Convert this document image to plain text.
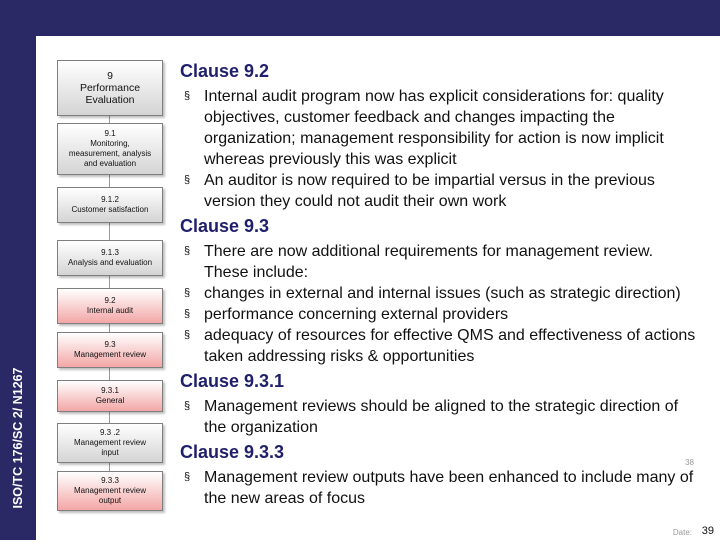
ISO/TC 176/SC 2/ N1267
9
Performance
Evaluation
9.1
Monitoring,
measurement, analysis
and evaluation
9.1.2
Customer satisfaction
9.1.3
Analysis and evaluation
9.2
Internal audit
9.3
Management review
9.3.1
General
9.3 .2
Management review
input
9.3.3
Management review
output
Clause 9.2
§ Internal audit program now has explicit considerations for: quality objectives, customer feedback and changes impacting the organization; management responsibility for action is now implicit whereas previously this was explicit
§ An auditor is now required to be impartial versus in the previous version they could not audit their own work
Clause 9.3
§ There are now additional requirements for management review. These include:
§ changes in external and internal issues (such as strategic direction)
§ performance concerning external providers
§ adequacy of resources for effective QMS and effectiveness of actions taken addressing risks & opportunities
Clause 9.3.1
§ Management reviews should be aligned to the strategic direction of the organization
Clause 9.3.3
§ Management review outputs have been enhanced to include many of the new areas of focus
38
Date: 39
